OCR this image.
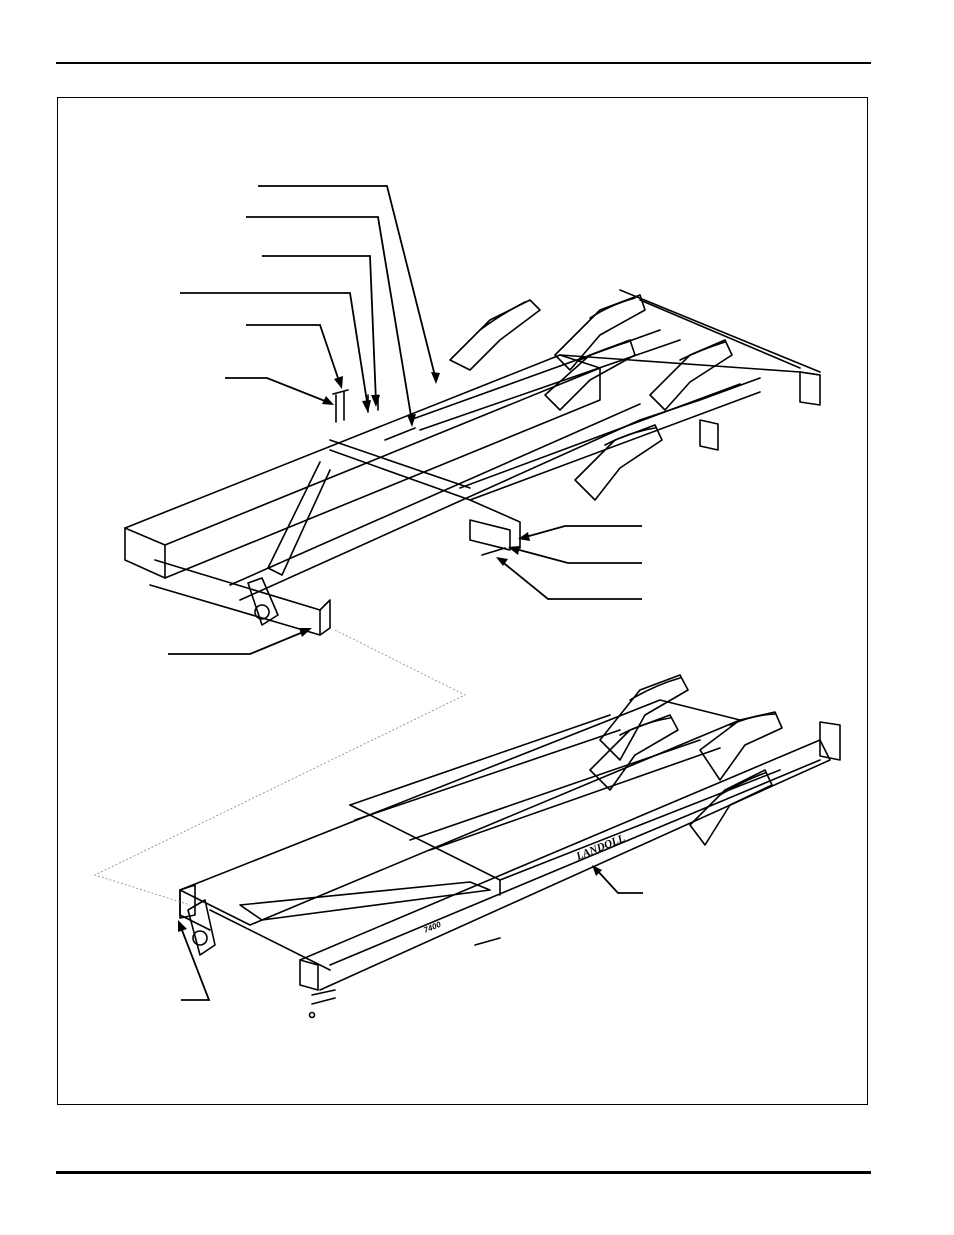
LANDOLL
7400
